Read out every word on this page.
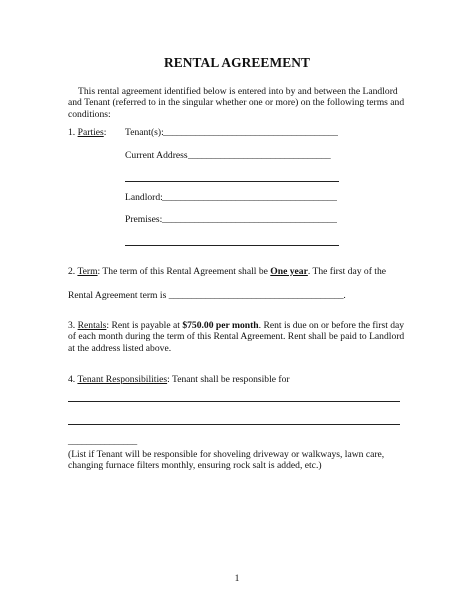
RENTAL AGREEMENT
This rental agreement identified below is entered into by and between the Landlord and Tenant (referred to in the singular whether one or more) on the following terms and conditions:
1. Parties: Tenant(s): ______________________________________
Current Address _______________________________
Landlord: ______________________________________
Premises: ______________________________________
2. Term: The term of this Rental Agreement shall be One year. The first day of the
Rental Agreement term is ______________________________________.
3. Rentals: Rent is payable at $750.00 per month. Rent is due on or before the first day of each month during the term of this Rental Agreement. Rent shall be paid to Landlord at the address listed above.
4. Tenant Responsibilities: Tenant shall be responsible for
_______________
(List if Tenant will be responsible for shoveling driveway or walkways, lawn care, changing furnace filters monthly, ensuring rock salt is added, etc.)
1
